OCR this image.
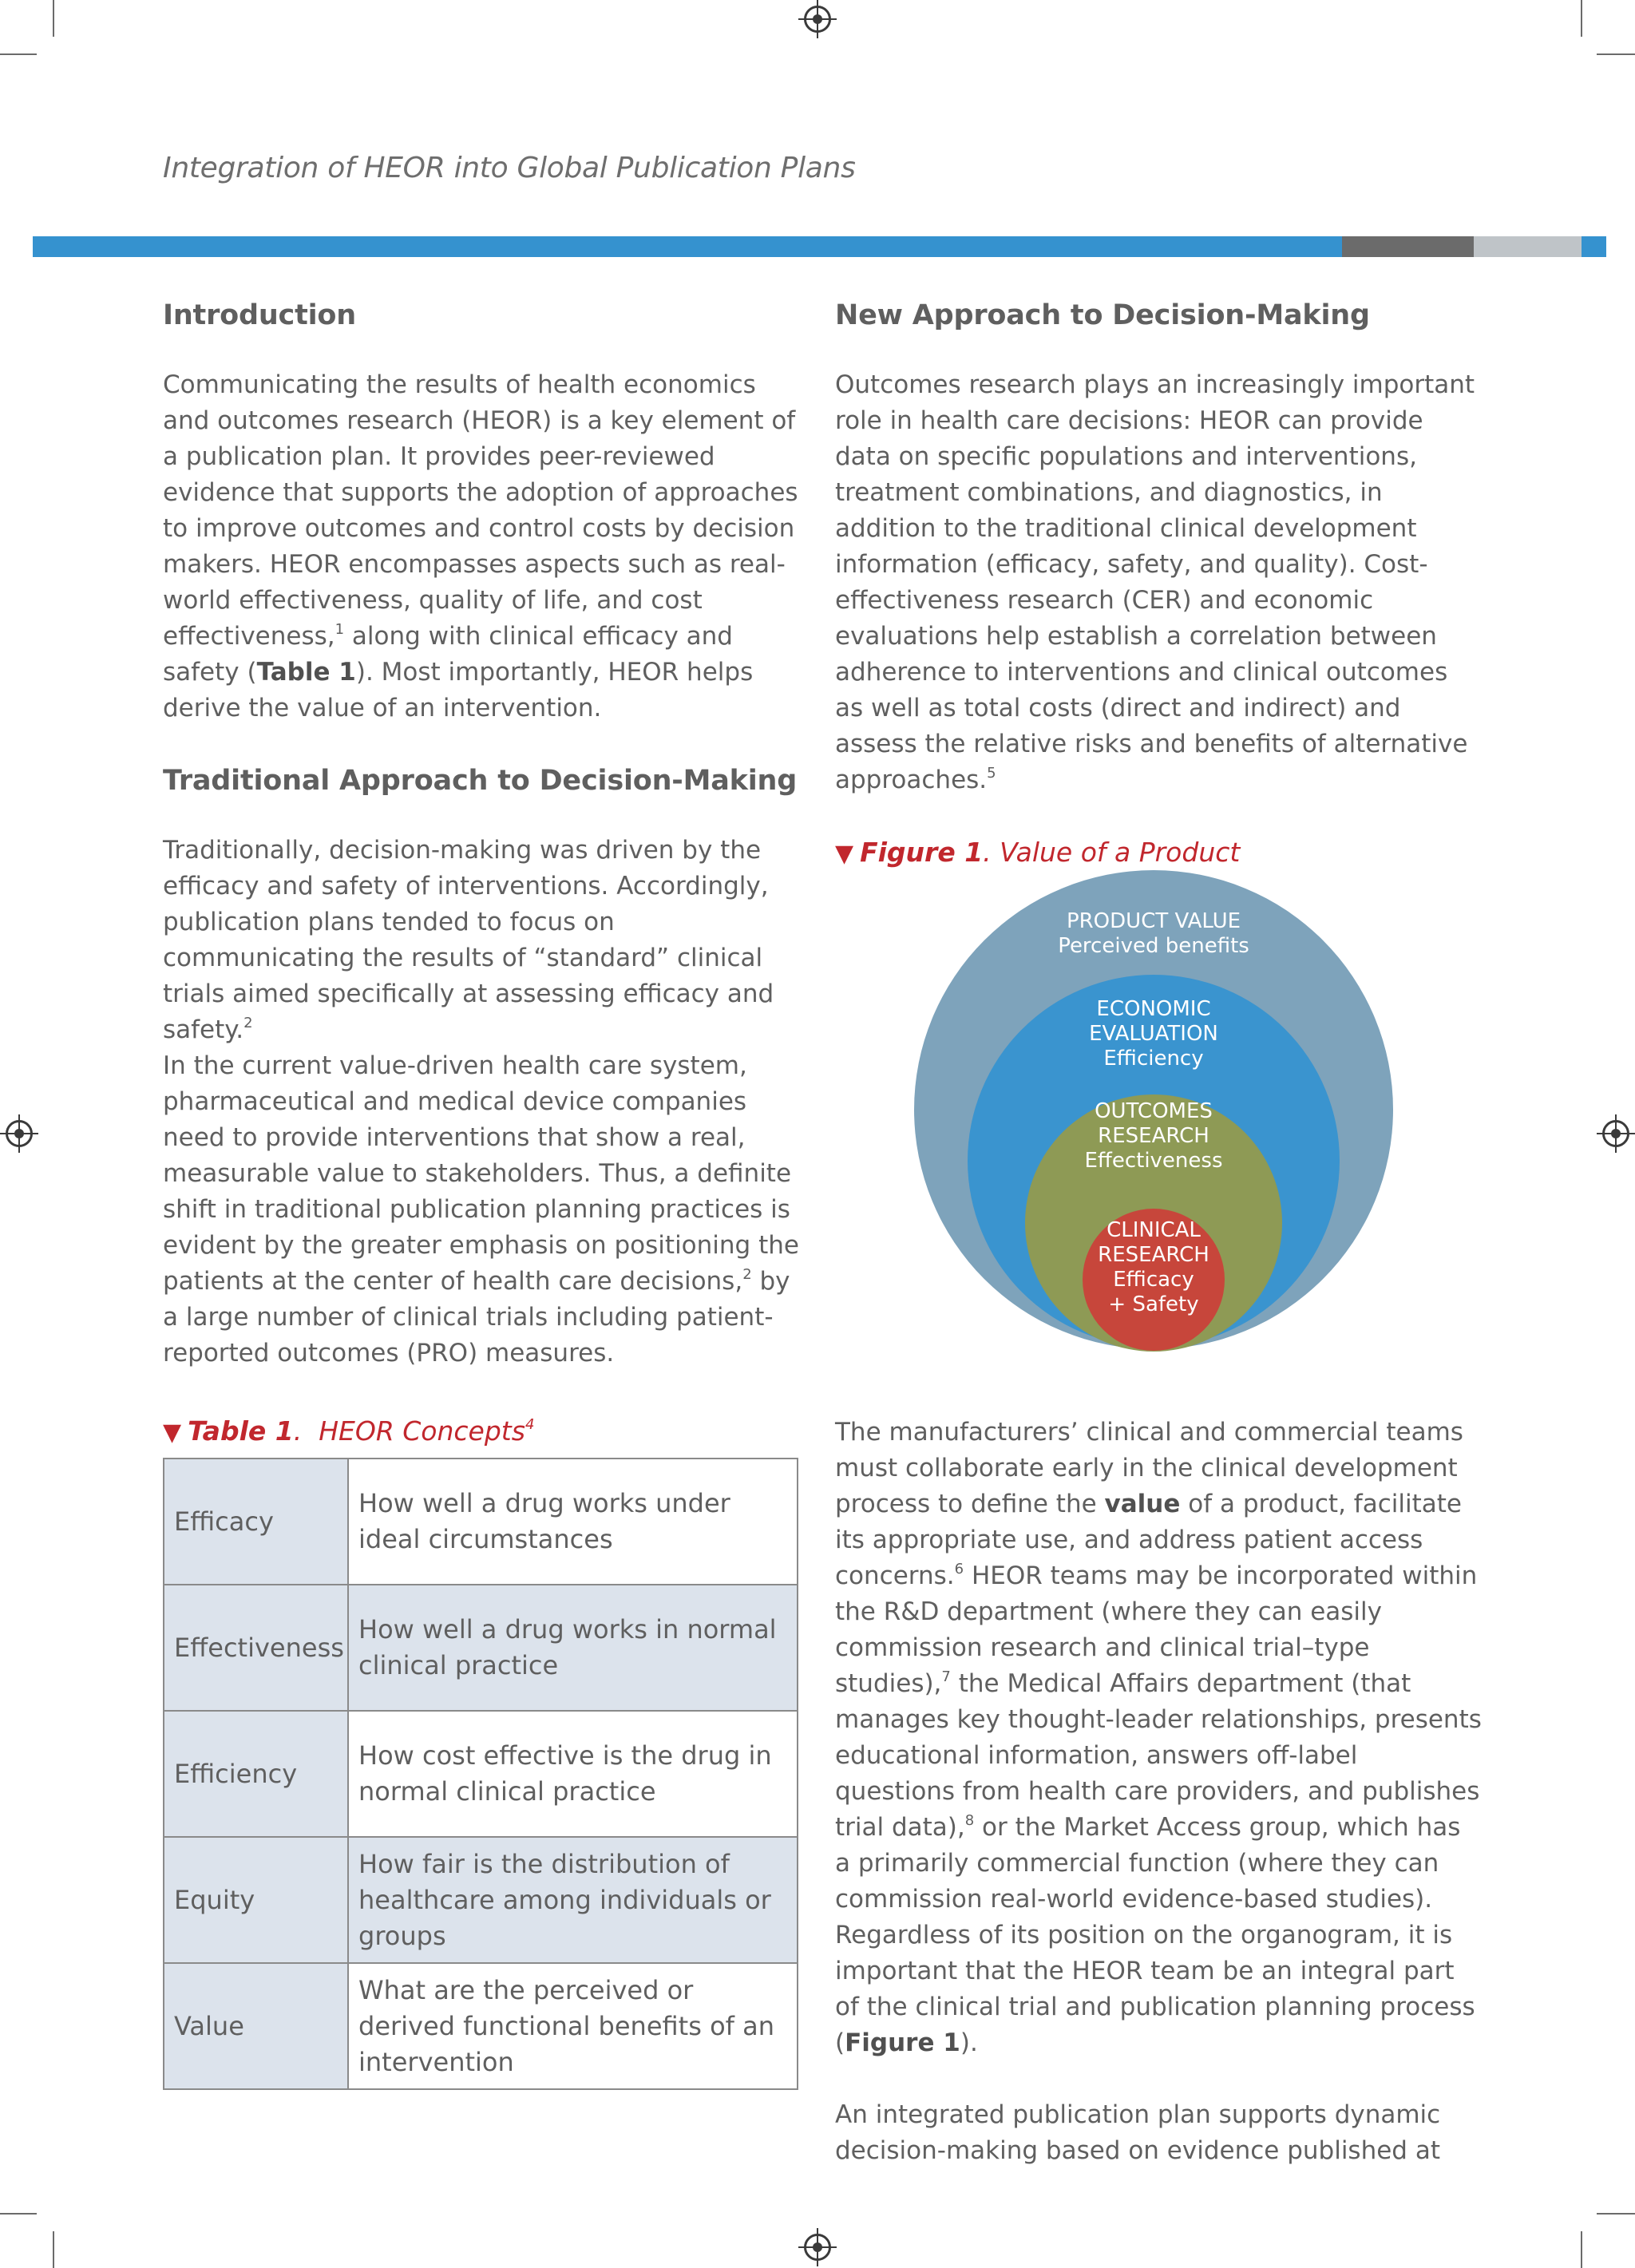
Integration of HEOR into Global Publication Plans
Introduction

Communicating the results of health economics and outcomes research (HEOR) is a key element of a publication plan. It provides peer-reviewed evidence that supports the adoption of approaches to improve outcomes and control costs by decision makers. HEOR encompasses aspects such as real-world effectiveness, quality of life, and cost effectiveness,$^1$ along with clinical efficacy and safety (Table 1). Most importantly, HEOR helps derive the value of an intervention.

Traditional Approach to Decision-Making

Traditionally, decision-making was driven by the efficacy and safety of interventions. Accordingly, publication plans tended to focus on communicating the results of “standard” clinical trials aimed specifically at assessing efficacy and safety.$^2$

In the current value-driven health care system, pharmaceutical and medical device companies need to provide interventions that show a real, measurable value to stakeholders. Thus, a definite shift in traditional publication planning practices is evident by the greater emphasis on positioning the patients at the center of health care decisions,$^2$ by a large number of clinical trials including patient-reported outcomes (PRO) measures.

▼ Table 1.  HEOR Concepts$^4$
Efficacy	How well a drug works under ideal circumstances
Effectiveness	How well a drug works in normal clinical practice
Efficiency	How cost effective is the drug in normal clinical practice
Equity	How fair is the distribution of healthcare among individuals or groups
Value	What are the perceived or derived functional benefits of an intervention
New Approach to Decision-Making

Outcomes research plays an increasingly important role in health care decisions: HEOR can provide data on specific populations and interventions, treatment combinations, and diagnostics, in addition to the traditional clinical development information (efficacy, safety, and quality). Cost-effectiveness research (CER) and economic evaluations help establish a correlation between adherence to interventions and clinical outcomes as well as total costs (direct and indirect) and assess the relative risks and benefits of alternative approaches.$^5$

▼ Figure 1. Value of a Product

The manufacturers’ clinical and commercial teams must collaborate early in the clinical development process to define the value of a product, facilitate its appropriate use, and address patient access concerns.$^6$ HEOR teams may be incorporated within the R&D department (where they can easily commission research and clinical trial–type studies),$^7$ the Medical Affairs department (that manages key thought-leader relationships, presents educational information, answers off-label questions from health care providers, and publishes trial data),$^8$ or the Market Access group, which has a primarily commercial function (where they can commission real-world evidence-based studies). Regardless of its position on the organogram, it is important that the HEOR team be an integral part of the clinical trial and publication planning process (Figure 1).

An integrated publication plan supports dynamic decision-making based on evidence published at

PRODUCT VALUE
Perceived benefits
ECONOMIC
EVALUATION
Efficiency
OUTCOMES
RESEARCH
Effectiveness
CLINICAL
RESEARCH
Efficacy
+ Safety
